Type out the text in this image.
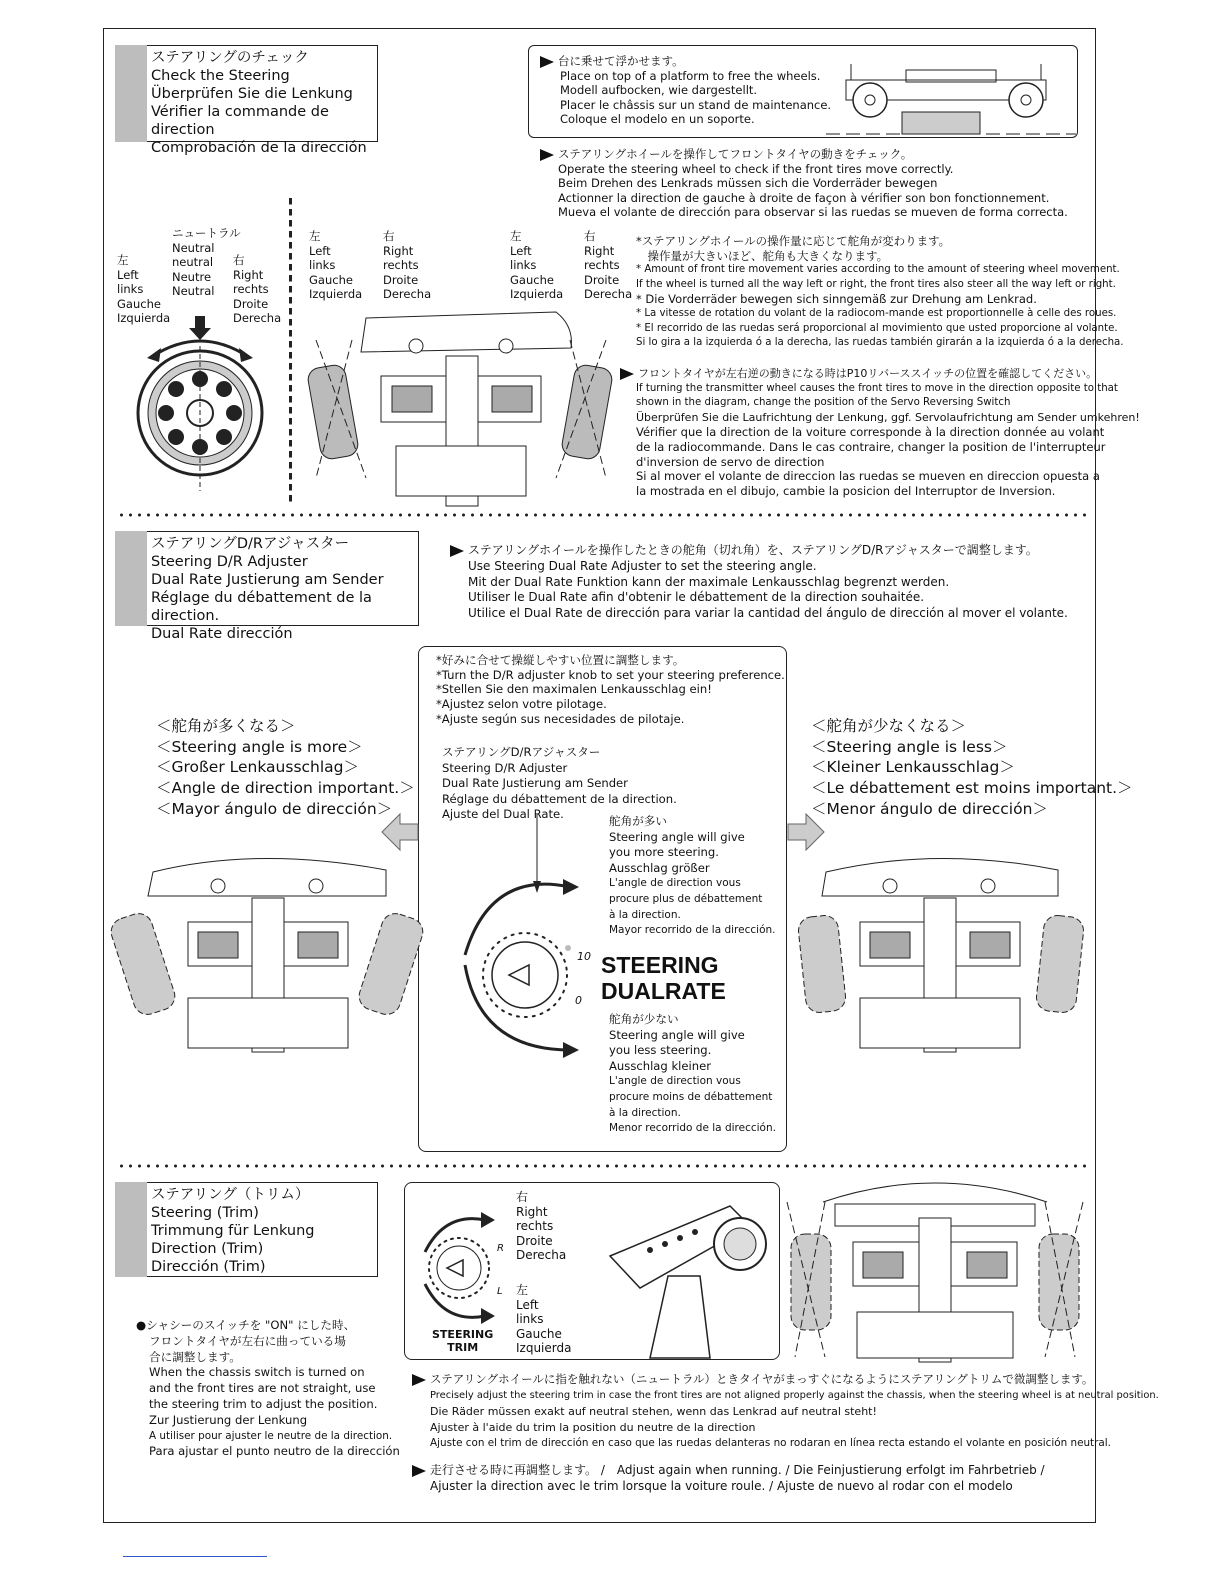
ステアリングのチェック
Check the Steering
Überprüfen Sie die Lenkung
Vérifier la commande de direction
Comprobación de la dirección
台に乗せて浮かせます。
Place on top of a platform to free the wheels.
Modell aufbocken, wie dargestellt.
Placer le châssis sur un stand de maintenance.
Coloque el modelo en un soporte.
ステアリングホイールを操作してフロントタイヤの動きをチェック。
Operate the steering wheel to check if the front tires move correctly.
Beim Drehen des Lenkrads müssen sich die Vorderräder bewegen
Actionner la direction de gauche à droite de façon à vérifier son bon fonctionnement.
Mueva el volante de dirección para observar si las ruedas se mueven de forma correcta.
ニュートラル
Neutral
neutral
Neutre
Neutral
左
Left
links
Gauche
Izquierda
右
Right
rechts
Droite
Derecha
左
Left
links
Gauche
Izquierda
右
Right
rechts
Droite
Derecha
左
Left
links
Gauche
Izquierda
右
Right
rechts
Droite
Derecha
*ステアリングホイールの操作量に応じて舵角が変わります。
　操作量が大きいほど、舵角も大きくなります。
* Amount of front tire movement varies according to the amount of steering wheel movement.
If the wheel is turned all the way left or right, the front tires also steer all the way left or right.
* Die Vorderräder bewegen sich sinngemäß zur Drehung am Lenkrad.
* La vitesse de rotation du volant de la radiocom-mande est proportionnelle à celle des roues.
* El recorrido de las ruedas será proporcional al movimiento que usted proporcione al volante.
Si lo gira a la izquierda ó a la derecha, las ruedas también girarán a la izquierda ó a la derecha.
フロントタイヤが左右逆の動きになる時はP10リバーススイッチの位置を確認してください。
If turning the transmitter wheel causes the front tires to move in the direction opposite to that
shown in the diagram, change the position of the Servo Reversing Switch
Überprüfen Sie die Laufrichtung der Lenkung, ggf. Servolaufrichtung am Sender umkehren!
Vérifier que la direction de la voiture corresponde à la direction donnée au volant
de la radiocommande. Dans le cas contraire, changer la position de l'interrupteur
d'inversion de servo de direction
Si al mover el volante de direccion las ruedas se mueven en direccion opuesta a
la mostrada en el dibujo, cambie la posicion del Interruptor de Inversion.
ステアリングD/Rアジャスター
Steering D/R Adjuster
Dual Rate Justierung am Sender
Réglage du débattement de la direction.
Dual Rate dirección
ステアリングホイールを操作したときの舵角（切れ角）を、ステアリングD/Rアジャスターで調整します。
Use Steering Dual Rate Adjuster to set the steering angle.
Mit der Dual Rate Funktion kann der maximale Lenkausschlag begrenzt werden.
Utiliser le Dual Rate afin d'obtenir le débattement de la direction souhaitée.
Utilice el Dual Rate de dirección para variar la cantidad del ángulo de dirección al mover el volante.
*好みに合せて操縦しやすい位置に調整します。
*Turn the D/R adjuster knob to set your steering preference.
*Stellen Sie den maximalen Lenkausschlag ein!
*Ajustez selon votre pilotage.
*Ajuste según sus necesidades de pilotaje.
ステアリングD/Rアジャスター
Steering D/R Adjuster
Dual Rate Justierung am Sender
Réglage du débattement de la direction.
Ajuste del Dual Rate.
＜舵角が多くなる＞
＜Steering angle is more＞
＜Großer Lenkausschlag＞
＜Angle de direction important.＞
＜Mayor ángulo de dirección＞
＜舵角が少なくなる＞
＜Steering angle is less＞
＜Kleiner Lenkausschlag＞
＜Le débattement est moins important.＞
＜Menor ángulo de dirección＞
10
0
STEERING
DUALRATE
舵角が多い
Steering angle will give
you more steering.
Ausschlag größer
L'angle de direction vous
procure plus de débattement
à la direction.
Mayor recorrido de la dirección.
舵角が少ない
Steering angle will give
you less steering.
Ausschlag kleiner
L'angle de direction vous
procure moins de débattement
à la direction.
Menor recorrido de la dirección.
ステアリング（トリム）
Steering (Trim)
Trimmung für Lenkung
Direction (Trim)
Dirección (Trim)
●シャシーのスイッチを "ON" にした時、
フロントタイヤが左右に曲っている場
合に調整します。
When the chassis switch is turned on
and the front tires are not straight, use
the steering trim to adjust the position.
Zur Justierung der Lenkung
A utiliser pour ajuster le neutre de la direction.
Para ajustar el punto neutro de la dirección
R
L
STEERING
TRIM
右
Right
rechts
Droite
Derecha
左
Left
links
Gauche
Izquierda
ステアリングホイールに指を触れない（ニュートラル）ときタイヤがまっすぐになるようにステアリングトリムで微調整します。
Precisely adjust the steering trim in case the front tires are not aligned properly against the chassis, when the steering wheel is at neutral position.
Die Räder müssen exakt auf neutral stehen, wenn das Lenkrad auf neutral steht!
Ajuster à l'aide du trim la position du neutre de la direction
Ajuste con el trim de dirección en caso que las ruedas delanteras no rodaran en línea recta estando el volante en posición neutral.
走行させる時に再調整します。 /　Adjust again when running. / Die Feinjustierung erfolgt im Fahrbetrieb /
Ajuster la direction avec le trim lorsque la voiture roule. / Ajuste de nuevo al rodar con el modelo
